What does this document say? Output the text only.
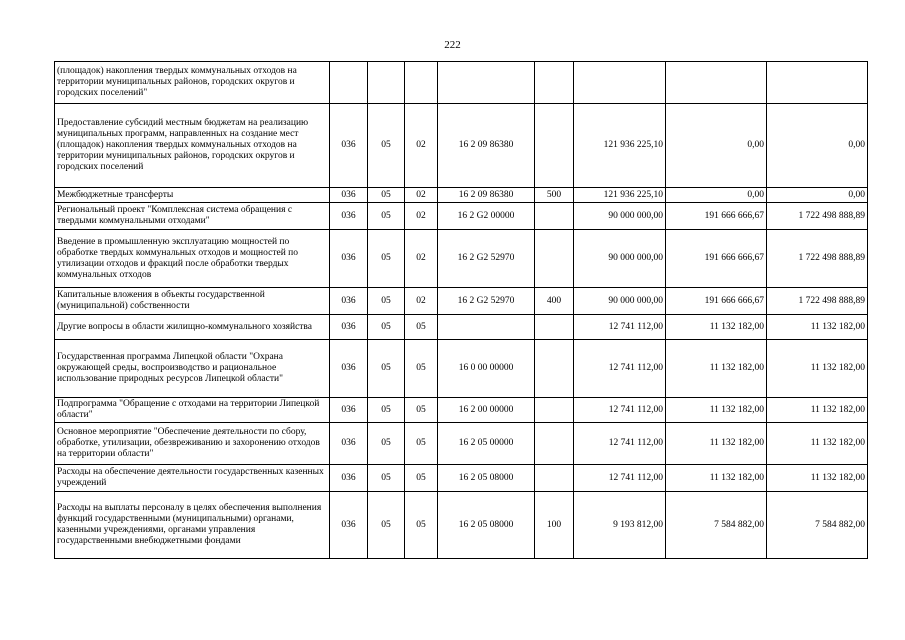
222
(площадок) накопления твердых коммунальных отходов на территории муниципальных районов, городских округов и городских поселений"								
Предоставление субсидий местным бюджетам на реализацию муниципальных программ, направленных на создание мест (площадок) накопления твердых коммунальных отходов на территории муниципальных районов, городских округов и городских поселений	036	05	02	16 2 09 86380		121 936 225,10	0,00	0,00
Межбюджетные трансферты	036	05	02	16 2 09 86380	500	121 936 225,10	0,00	0,00
Региональный проект "Комплексная система обращения с твердыми коммунальными отходами"	036	05	02	16 2 G2 00000		90 000 000,00	191 666 666,67	1 722 498 888,89
Введение в промышленную эксплуатацию мощностей по обработке твердых коммунальных отходов и мощностей по утилизации отходов и фракций после обработки твердых коммунальных отходов	036	05	02	16 2 G2 52970		90 000 000,00	191 666 666,67	1 722 498 888,89
Капитальные вложения в объекты государственной (муниципальной) собственности	036	05	02	16 2 G2 52970	400	90 000 000,00	191 666 666,67	1 722 498 888,89
Другие вопросы в области жилищно-коммунального хозяйства	036	05	05			12 741 112,00	11 132 182,00	11 132 182,00
Государственная программа Липецкой области "Охрана окружающей среды, воспроизводство и рациональное использование природных ресурсов Липецкой области"	036	05	05	16 0 00 00000		12 741 112,00	11 132 182,00	11 132 182,00
Подпрограмма "Обращение с отходами на территории Липецкой области"	036	05	05	16 2 00 00000		12 741 112,00	11 132 182,00	11 132 182,00
Основное мероприятие "Обеспечение деятельности по сбору, обработке, утилизации, обезвреживанию и захоронению отходов на территории области"	036	05	05	16 2 05 00000		12 741 112,00	11 132 182,00	11 132 182,00
Расходы на обеспечение деятельности государственных казенных учреждений	036	05	05	16 2 05 08000		12 741 112,00	11 132 182,00	11 132 182,00
Расходы на выплаты персоналу в целях обеспечения выполнения функций государственными (муниципальными) органами, казенными учреждениями, органами управления государственными внебюджетными фондами	036	05	05	16 2 05 08000	100	9 193 812,00	7 584 882,00	7 584 882,00
